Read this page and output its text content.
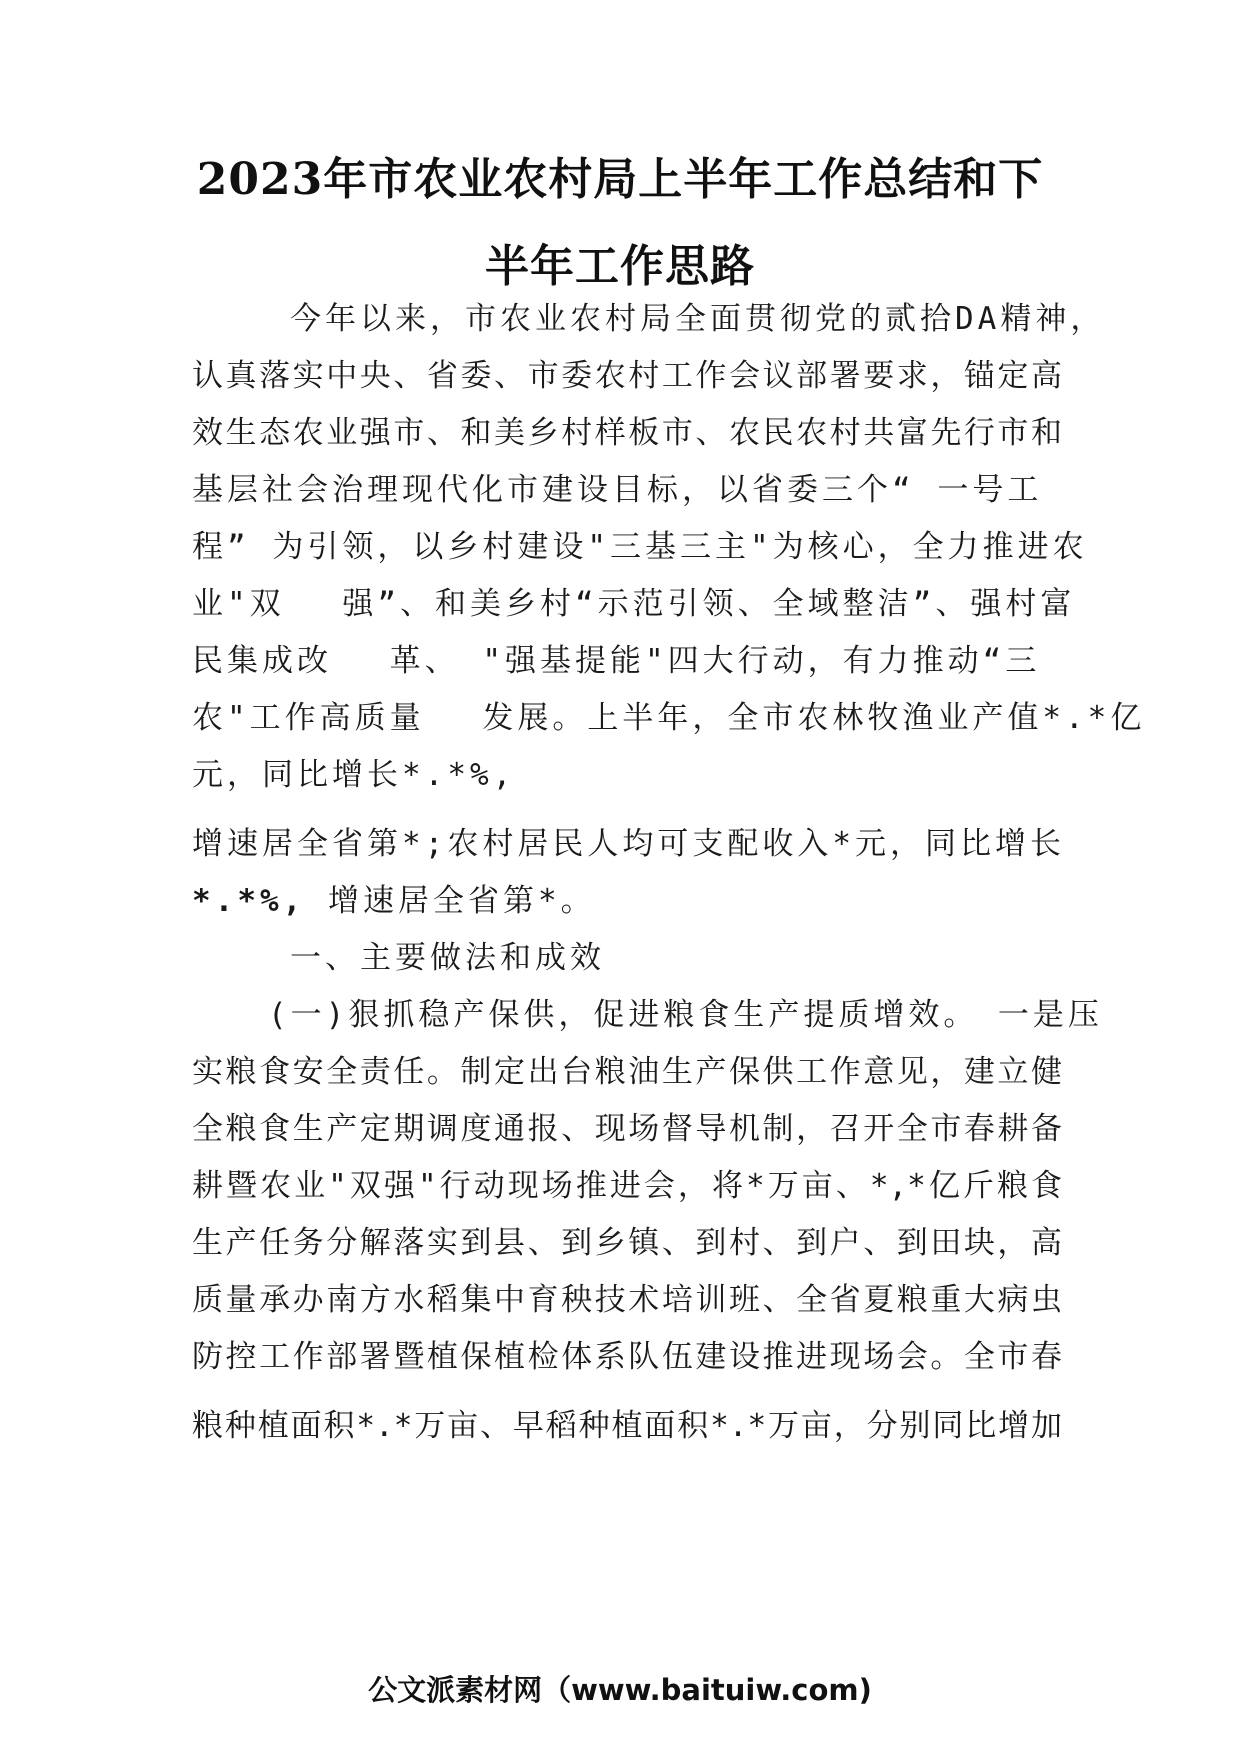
2023年市农业农村局上半年工作总结和下
半年工作思路
今年以来，市农业农村局全面贯彻党的贰拾DA精神，
认真落实中央、省委、市委农村工作会议部署要求，锚定高
效生态农业强市、和美乡村样板市、农民农村共富先行市和
基层社会治理现代化市建设目标，以省委三个“ 一号工
程” 为引领，以乡村建设"三基三主"为核心，全力推进农
业"双　 强”、和美乡村“示范引领、全域整洁”、强村富
民集成改　 革、 "强基提能"四大行动，有力推动“三
农"工作高质量　 发展。上半年，全市农林牧渔业产值*.*亿
元，同比增长*.*%,
增速居全省第*;农村居民人均可支配收入*元，同比增长
*.*%, 增速居全省第*。
一、主要做法和成效
(一)狠抓稳产保供，促进粮食生产提质增效。　一是压
实粮食安全责任。制定出台粮油生产保供工作意见，建立健
全粮食生产定期调度通报、现场督导机制，召开全市春耕备
耕暨农业"双强"行动现场推进会，将*万亩、*,*亿斤粮食
生产任务分解落实到县、到乡镇、到村、到户、到田块，高
质量承办南方水稻集中育秧技术培训班、全省夏粮重大病虫
防控工作部署暨植保植检体系队伍建设推进现场会。全市春
粮种植面积*.*万亩、早稻种植面积*.*万亩，分别同比增加
公文派素材网（www.baituiw.com)
